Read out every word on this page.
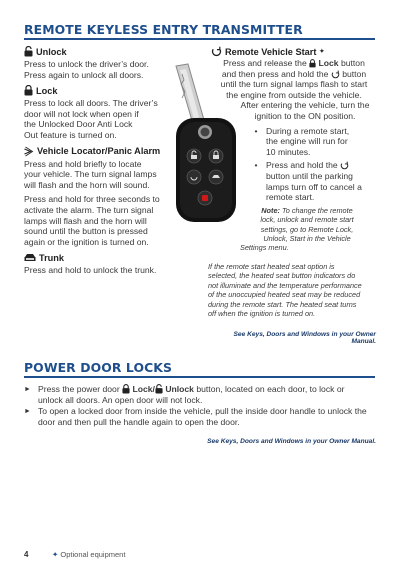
REMOTE KEYLESS ENTRY TRANSMITTER
Unlock
Press to unlock the driver’s door.
Press again to unlock all doors.
Lock
Press to lock all doors. The driver’s
door will not lock when open if
the Unlocked Door Anti Lock
Out feature is turned on.
Vehicle Locator/Panic Alarm
Press and hold briefly to locate
your vehicle. The turn signal lamps
will flash and the horn will sound.
Press and hold for three seconds to
activate the alarm. The turn signal
lamps will flash and the horn will
sound until the button is pressed
again or the ignition is turned on.
Trunk
Press and hold to unlock the trunk.
Remote Vehicle Start ✦
Press and release the Lock button
and then press and hold the button
until the turn signal lamps flash to start
the engine from outside the vehicle.
After entering the vehicle, turn the
ignition to the ON position.
• During a remote start,
the engine will run for
10 minutes.
• Press and hold the
button until the parking
lamps turn off to cancel a
remote start.
Note: To change the remote
lock, unlock and remote start
settings, go to Remote Lock,
Unlock, Start in the Vehicle
Settings menu.
If the remote start heated seat option is
selected, the heated seat button indicators do
not illuminate and the temperature performance
of the unoccupied heated seat may be reduced
during the remote start. The heated seat turns
off when the ignition is turned on.
See Keys, Doors and Windows in your Owner Manual.
POWER DOOR LOCKS
► Press the power door Lock/ Unlock button, located on each door, to lock or
unlock all doors. An open door will not lock.
► To open a locked door from inside the vehicle, pull the inside door handle to unlock the
door and then pull the handle again to open the door.
See Keys, Doors and Windows in your Owner Manual.
4	✦ Optional equipment
